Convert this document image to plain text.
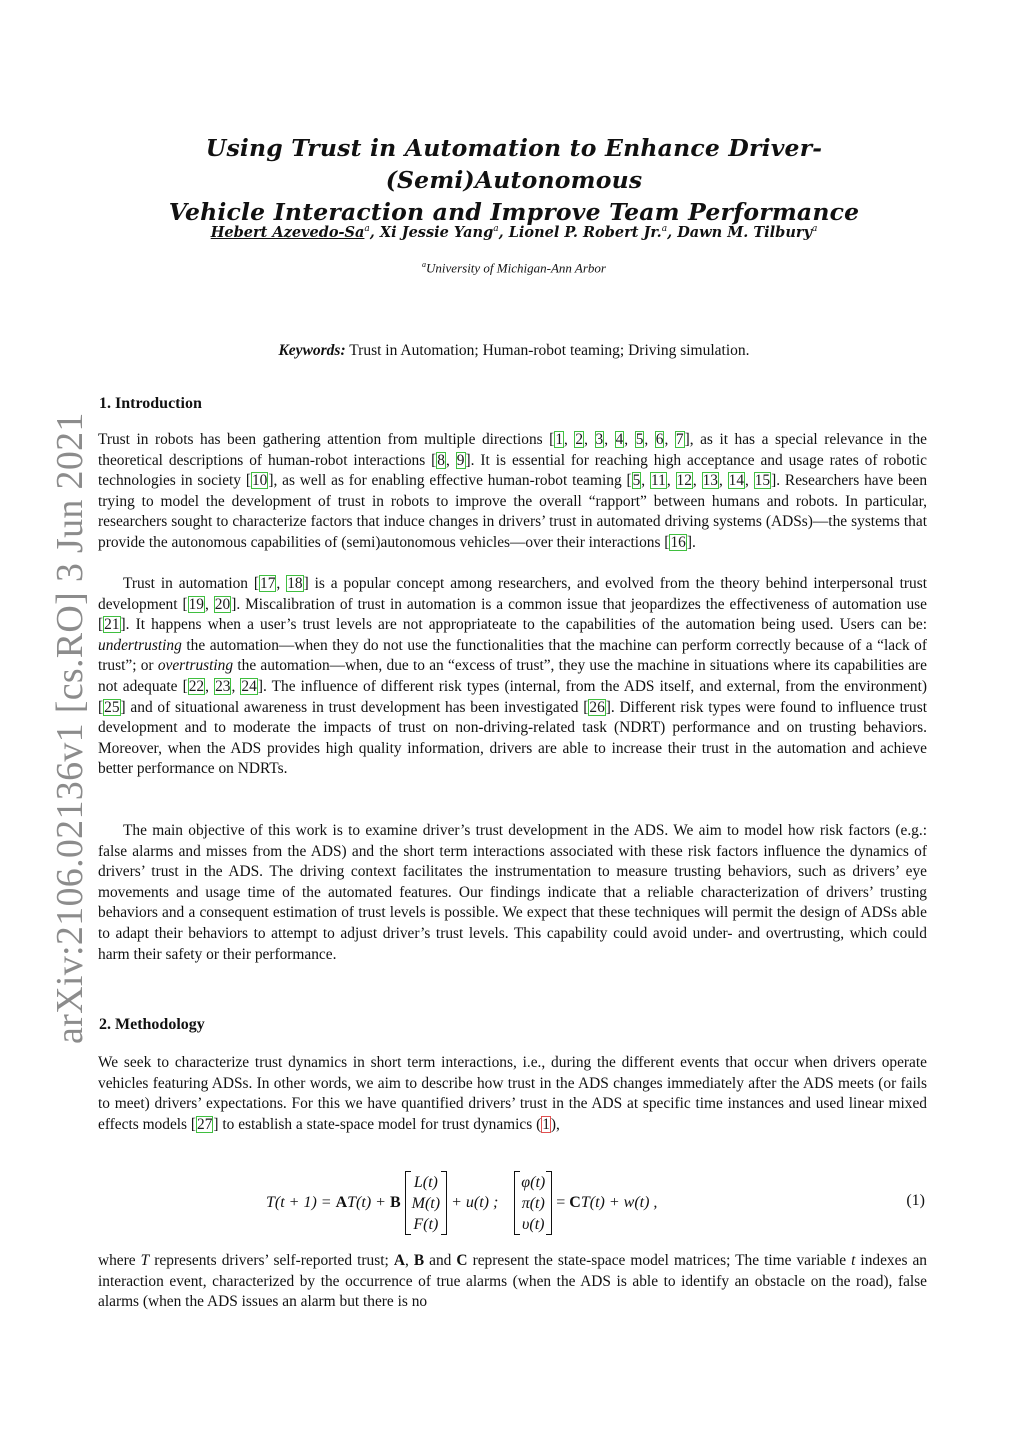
arXiv:2106.02136v1 [cs.RO] 3 Jun 2021
Using Trust in Automation to Enhance Driver-(Semi)Autonomous
Vehicle Interaction and Improve Team Performance
Hebert Azevedo-Sa$^a$, Xi Jessie Yang$^a$, Lionel P. Robert Jr.$^a$, Dawn M. Tilbury$^a$
$^a$University of Michigan-Ann Arbor
Keywords: Trust in Automation; Human-robot teaming; Driving simulation.
1. Introduction

Trust in robots has been gathering attention from multiple directions [1, 2, 3, 4, 5, 6, 7], as it has a special relevance in the theoretical descriptions of human-robot interactions [8, 9]. It is essential for reaching high acceptance and usage rates of robotic technologies in society [10], as well as for enabling effective human-robot teaming [5, 11, 12, 13, 14, 15]. Researchers have been trying to model the development of trust in robots to improve the overall “rapport” between humans and robots. In particular, researchers sought to characterize factors that induce changes in drivers’ trust in automated driving systems (ADSs)—the systems that provide the autonomous capabilities of (semi)autonomous vehicles—over their interactions [16].

Trust in automation [17, 18] is a popular concept among researchers, and evolved from the theory behind interpersonal trust development [19, 20]. Miscalibration of trust in automation is a common issue that jeopardizes the effectiveness of automation use [21]. It happens when a user’s trust levels are not appropriateate to the capabilities of the automation being used. Users can be: undertrusting the automation—when they do not use the functionalities that the machine can perform correctly because of a “lack of trust”; or overtrusting the automation—when, due to an “excess of trust”, they use the machine in situations where its capabilities are not adequate [22, 23, 24]. The influence of different risk types (internal, from the ADS itself, and external, from the environment) [25] and of situational awareness in trust development has been investigated [26]. Different risk types were found to influence trust development and to moderate the impacts of trust on non-driving-related task (NDRT) performance and on trusting behaviors. Moreover, when the ADS provides high quality information, drivers are able to increase their trust in the automation and achieve better performance on NDRTs.

The main objective of this work is to examine driver’s trust development in the ADS. We aim to model how risk factors (e.g.: false alarms and misses from the ADS) and the short term interactions associated with these risk factors influence the dynamics of drivers’ trust in the ADS. The driving context facilitates the instrumentation to measure trusting behaviors, such as drivers’ eye movements and usage time of the automated features. Our findings indicate that a reliable characterization of drivers’ trusting behaviors and a consequent estimation of trust levels is possible. We expect that these techniques will permit the design of ADSs able to adapt their behaviors to attempt to adjust driver’s trust levels. This capability could avoid under- and overtrusting, which could harm their safety or their performance.

2. Methodology

We seek to characterize trust dynamics in short term interactions, i.e., during the different events that occur when drivers operate vehicles featuring ADSs. In other words, we aim to describe how trust in the ADS changes immediately after the ADS meets (or fails to meet) drivers’ expectations. For this we have quantified drivers’ trust in the ADS at specific time instances and used linear mixed effects models [27] to establish a state-space model for trust dynamics (1),

T(t + 1) =
A T(t) +
B
L(t)
M(t)
F(t)
+ u(t) ;

φ(t)
π(t)
υ(t)
=
C T(t) + w(t) ,	(1)

where T represents drivers’ self-reported trust; A, B and C represent the state-space model matrices; The time variable t indexes an interaction event, characterized by the occurrence of true alarms (when the ADS is able to identify an obstacle on the road), false alarms (when the ADS issues an alarm but there is no
